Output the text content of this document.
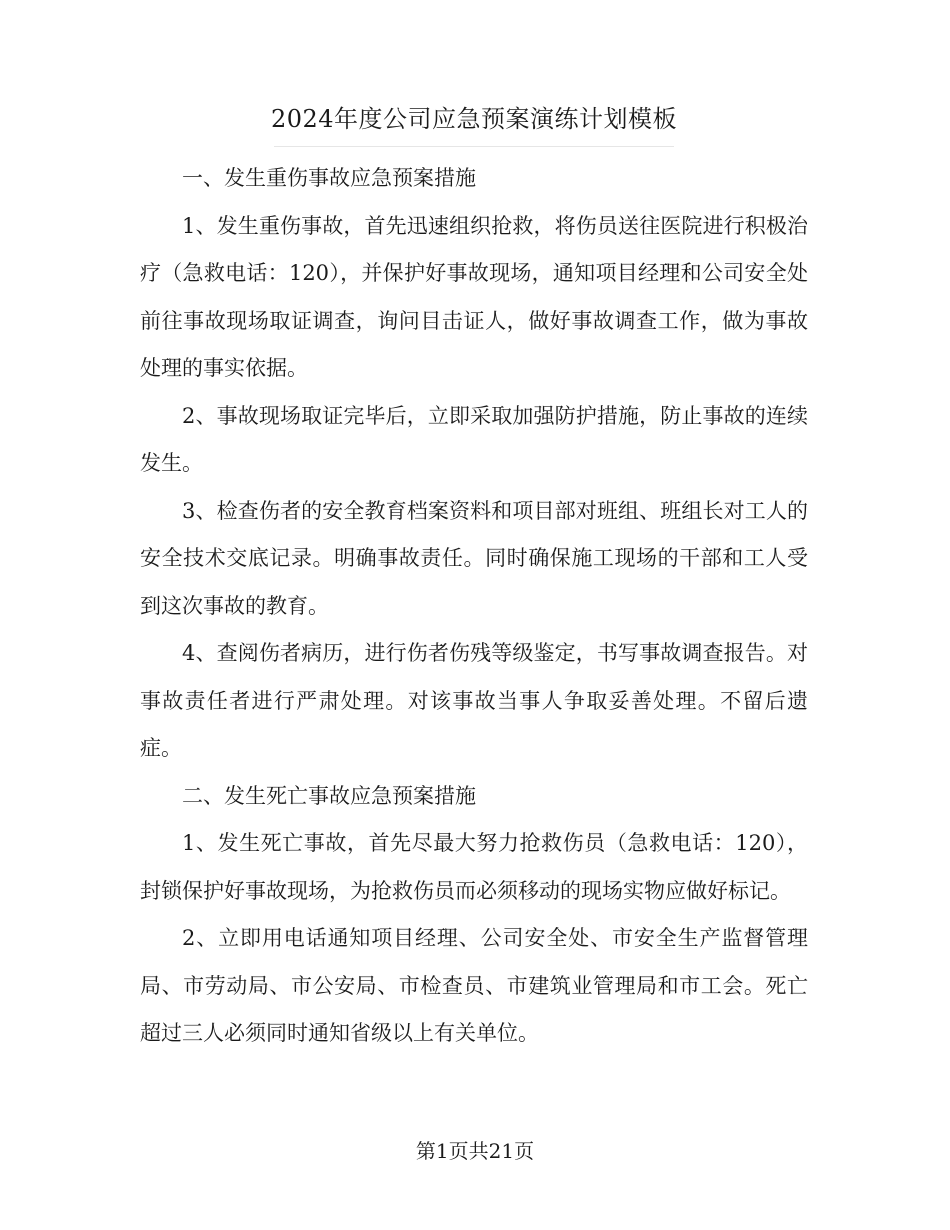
2024年度公司应急预案演练计划模板

一、发生重伤事故应急预案措施

1、发生重伤事故，首先迅速组织抢救，将伤员送往医院进行积极治疗（急救电话：120），并保护好事故现场，通知项目经理和公司安全处前往事故现场取证调查，询问目击证人，做好事故调查工作，做为事故处理的事实依据。

2、事故现场取证完毕后，立即采取加强防护措施，防止事故的连续发生。

3、检查伤者的安全教育档案资料和项目部对班组、班组长对工人的安全技术交底记录。明确事故责任。同时确保施工现场的干部和工人受到这次事故的教育。

4、查阅伤者病历，进行伤者伤残等级鉴定，书写事故调查报告。对事故责任者进行严肃处理。对该事故当事人争取妥善处理。不留后遗症。

二、发生死亡事故应急预案措施

1、发生死亡事故，首先尽最大努力抢救伤员（急救电话：120），封锁保护好事故现场，为抢救伤员而必须移动的现场实物应做好标记。

2、立即用电话通知项目经理、公司安全处、市安全生产监督管理局、市劳动局、市公安局、市检查员、市建筑业管理局和市工会。死亡超过三人必须同时通知省级以上有关单位。

第1页共21页
